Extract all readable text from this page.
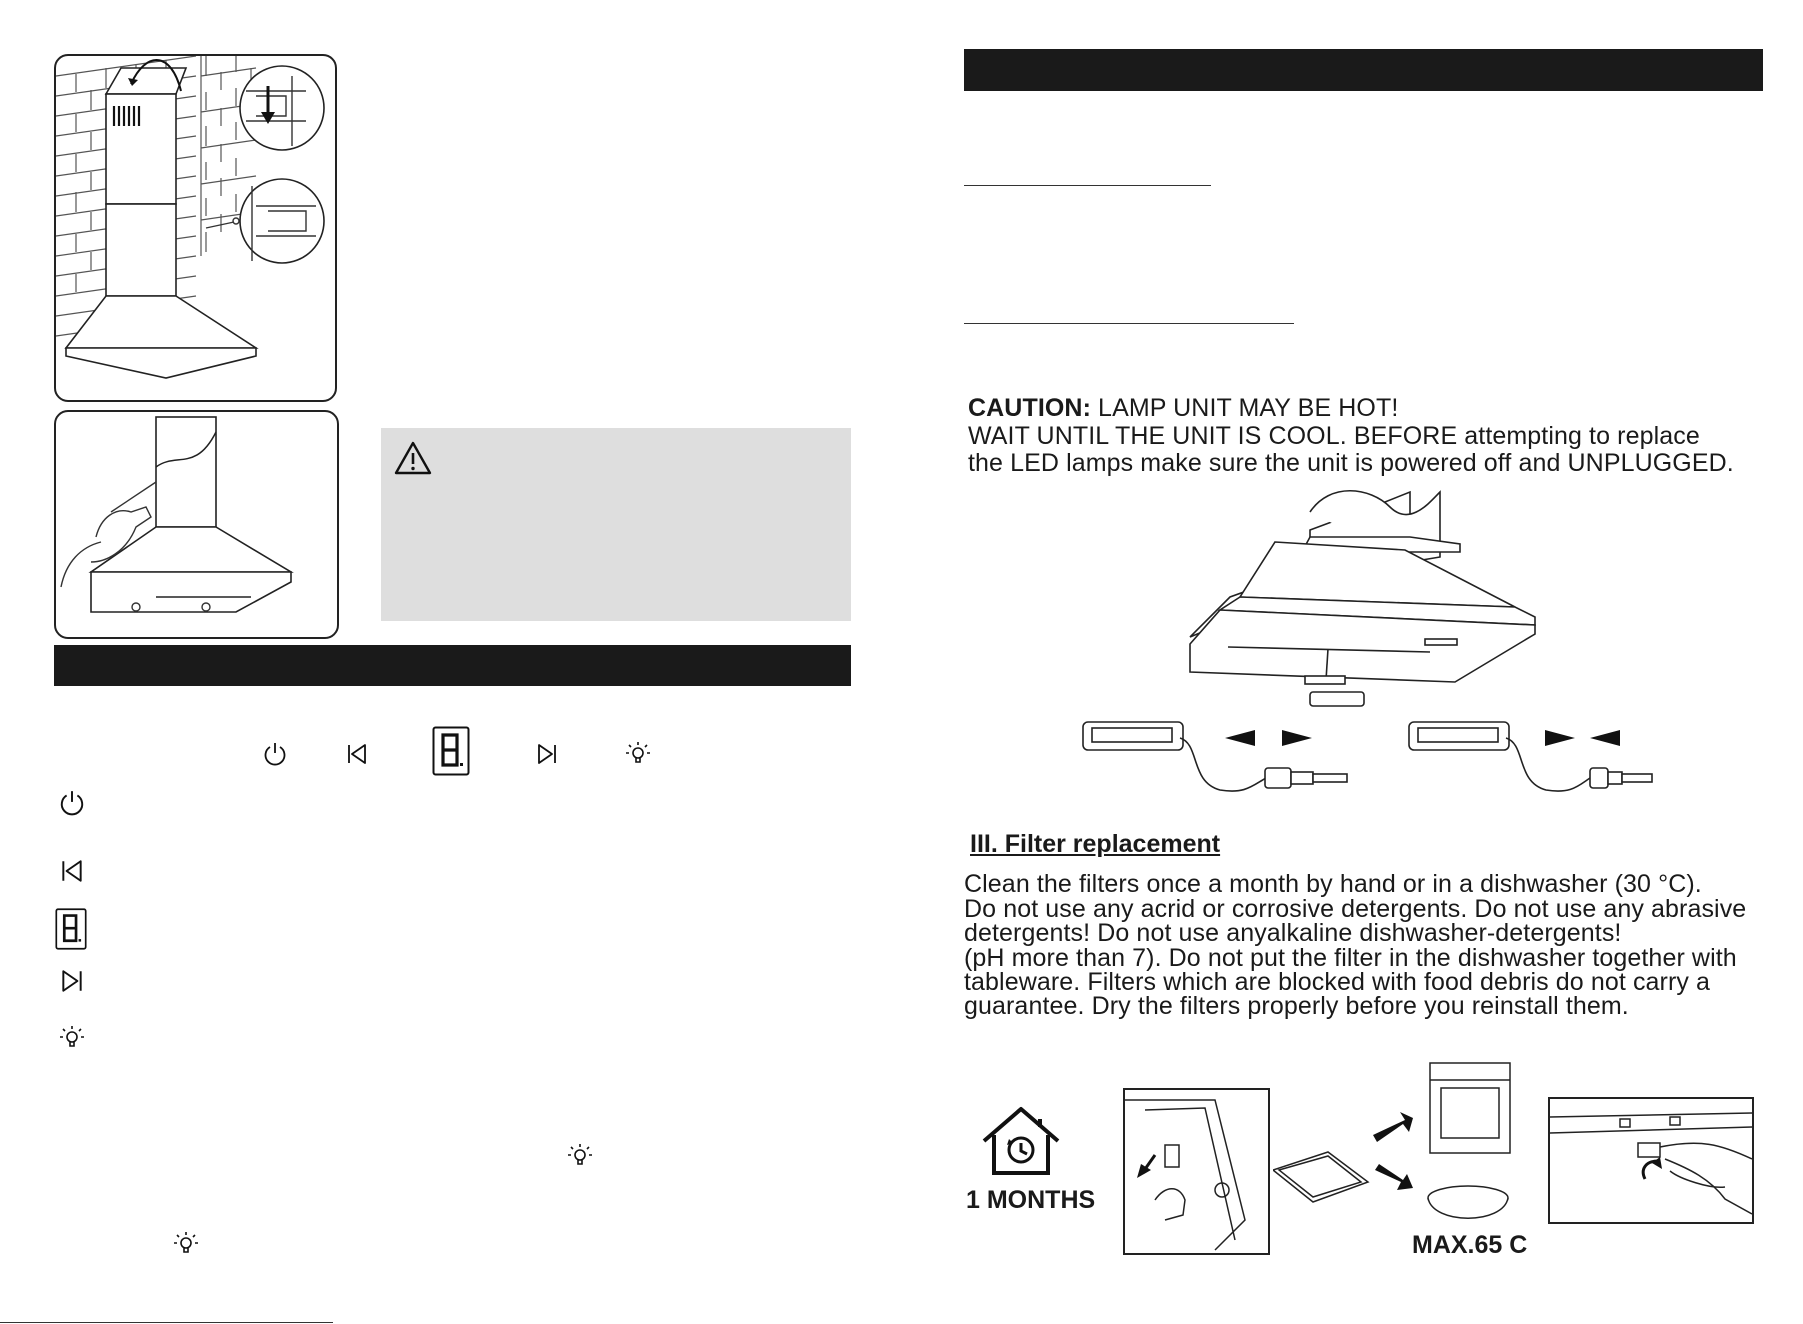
CAUTION: LAMP UNIT MAY BE HOT!
WAIT UNTIL THE UNIT IS COOL. BEFORE attempting to replace
the LED lamps make sure the unit is powered off and UNPLUGGED.
III. Filter replacement
Clean the filters once a month by hand or in a dishwasher (30 °C).
Do not use any acrid or corrosive detergents. Do not use any abrasive
detergents! Do not use anyalkaline dishwasher-detergents!
(pH more than 7). Do not put the filter in the dishwasher together with
tableware. Filters which are blocked with food debris do not carry a
guarantee. Dry the filters properly before you reinstall them.
1 MONTHS
MAX.65 C
